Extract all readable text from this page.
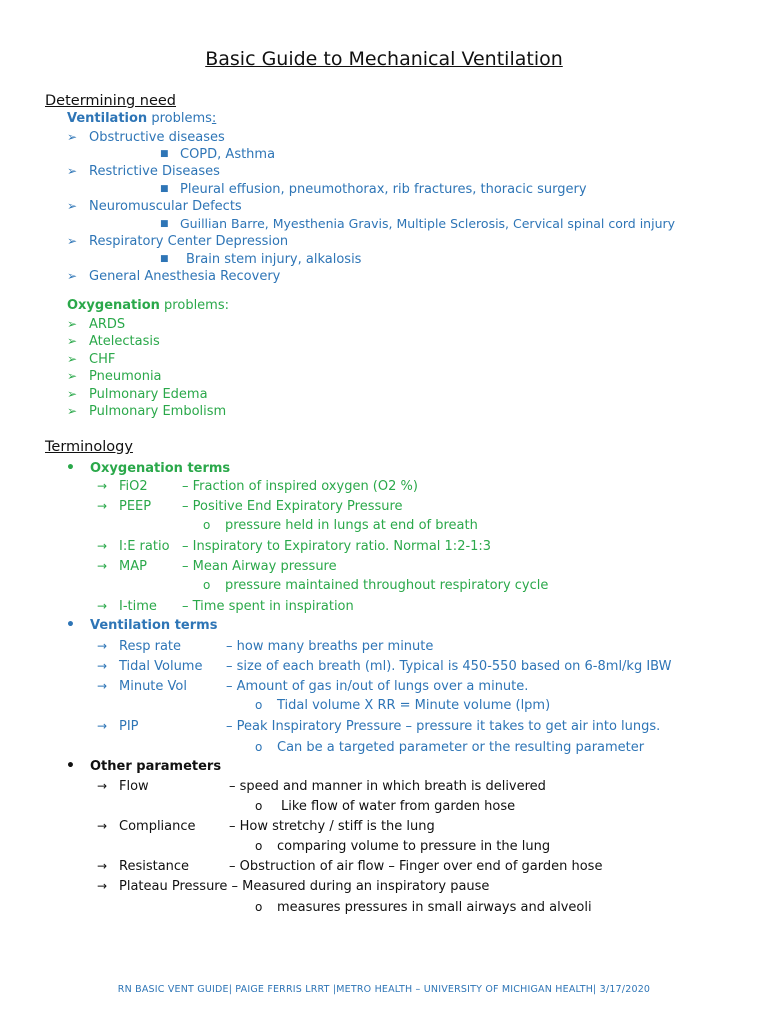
Basic Guide to Mechanical Ventilation
Determining need
Ventilation problems:
➢ Obstructive diseases
■ COPD, Asthma
➢ Restrictive Diseases
■ Pleural effusion, pneumothorax, rib fractures, thoracic surgery
➢ Neuromuscular Defects
■ Guillian Barre, Myesthenia Gravis, Multiple Sclerosis, Cervical spinal cord injury
➢ Respiratory Center Depression
■ Brain stem injury, alkalosis
➢ General Anesthesia Recovery
Oxygenation problems:
➢ ARDS
➢ Atelectasis
➢ CHF
➢ Pneumonia
➢ Pulmonary Edema
➢ Pulmonary Embolism
Terminology
• Oxygenation terms
→ FiO2	– Fraction of inspired oxygen (O2 %)
→ PEEP – Positive End Expiratory Pressure
o pressure held in lungs at end of breath
→ I:E ratio – Inspiratory to Expiratory ratio. Normal 1:2-1:3
→ MAP	– Mean Airway pressure
o pressure maintained throughout respiratory cycle
→ I-time – Time spent in inspiration
• Ventilation terms
→ Resp rate	– how many breaths per minute
→ Tidal Volume – size of each breath (ml). Typical is 450-550 based on 6-8ml/kg IBW
→ Minute Vol	– Amount of gas in/out of lungs over a minute.
o Tidal volume X RR = Minute volume (lpm)
→ PIP	– Peak Inspiratory Pressure – pressure it takes to get air into lungs.
o Can be a targeted parameter or the resulting parameter
• Other parameters
→ Flow	– speed and manner in which breath is delivered
o Like flow of water from garden hose
→ Compliance	– How stretchy / stiff is the lung
o comparing volume to pressure in the lung
→ Resistance	– Obstruction of air flow – Finger over end of garden hose
→ Plateau Pressure – Measured during an inspiratory pause
o measures pressures in small airways and alveoli
RN BASIC VENT GUIDE| PAIGE FERRIS LRRT |METRO HEALTH – UNIVERSITY OF MICHIGAN HEALTH| 3/17/2020
